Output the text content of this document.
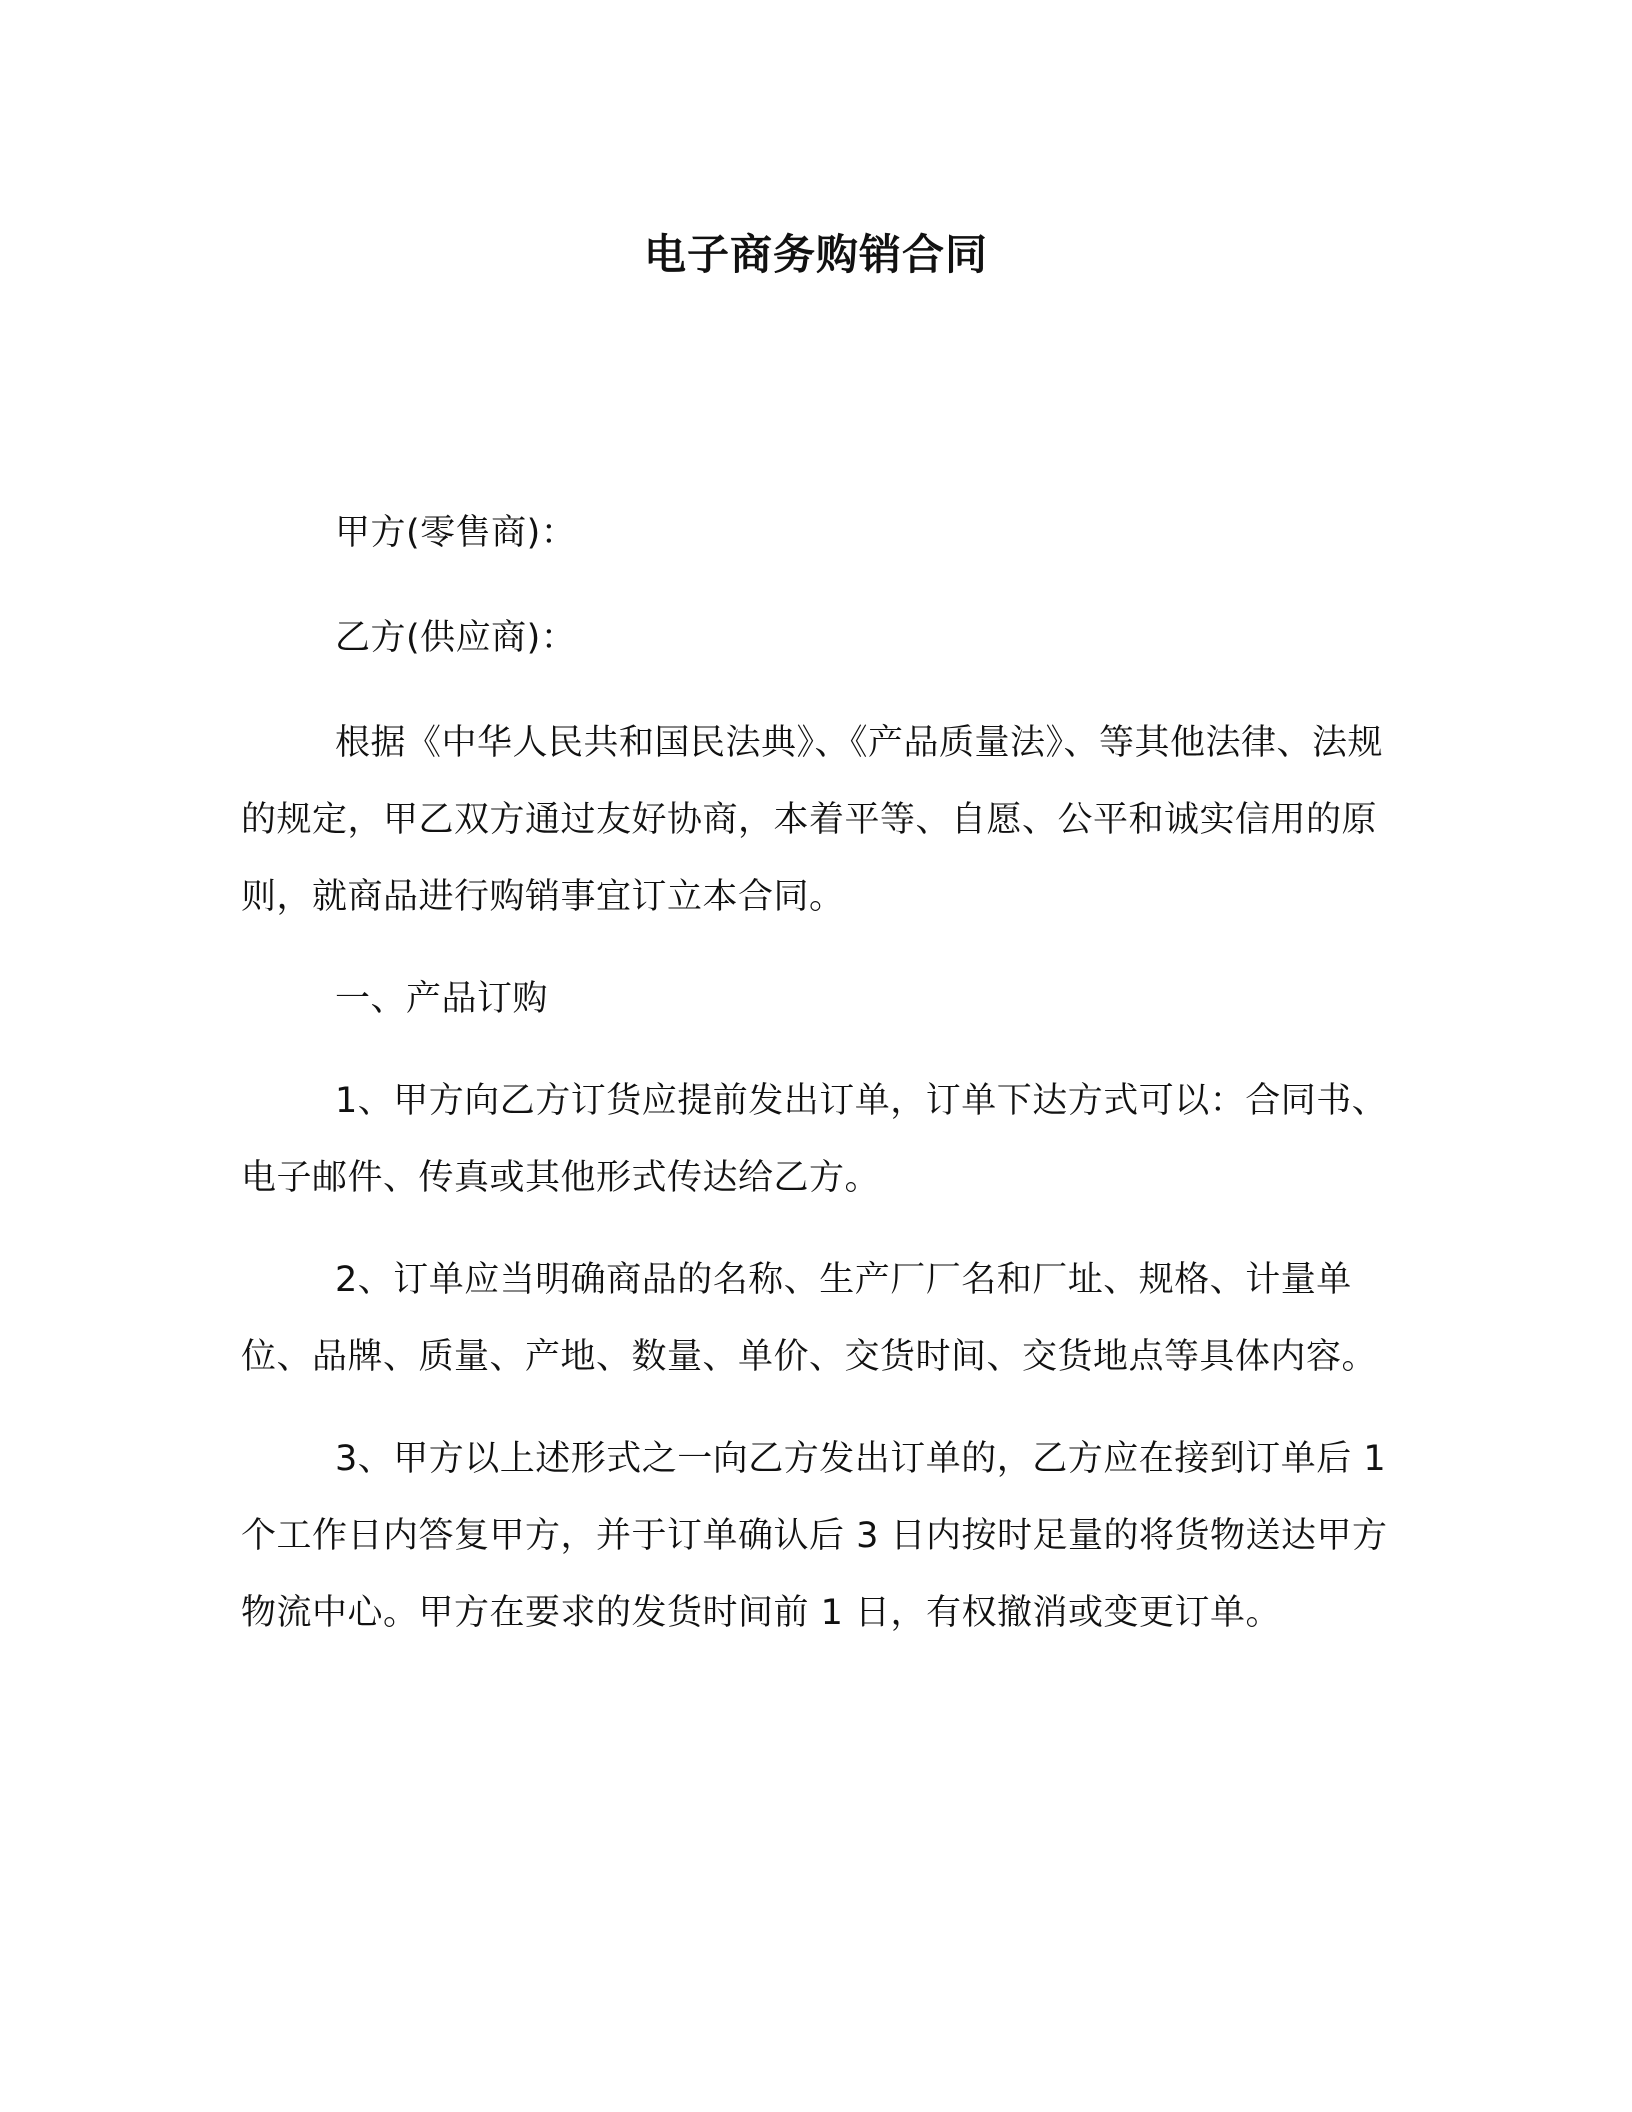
电子商务购销合同

甲方(零售商)：

乙方(供应商)：

根据《中华人民共和国民法典》、《产品质量法》、等其他法律、法规的规定，甲乙双方通过友好协商，本着平等、自愿、公平和诚实信用的原则，就商品进行购销事宜订立本合同。

一、产品订购

1、甲方向乙方订货应提前发出订单，订单下达方式可以：合同书、电子邮件、传真或其他形式传达给乙方。

2、订单应当明确商品的名称、生产厂厂名和厂址、规格、计量单位、品牌、质量、产地、数量、单价、交货时间、交货地点等具体内容。

3、甲方以上述形式之一向乙方发出订单的，乙方应在接到订单后 1 个工作日内答复甲方，并于订单确认后 3 日内按时足量的将货物送达甲方物流中心。甲方在要求的发货时间前 1 日，有权撤消或变更订单。
